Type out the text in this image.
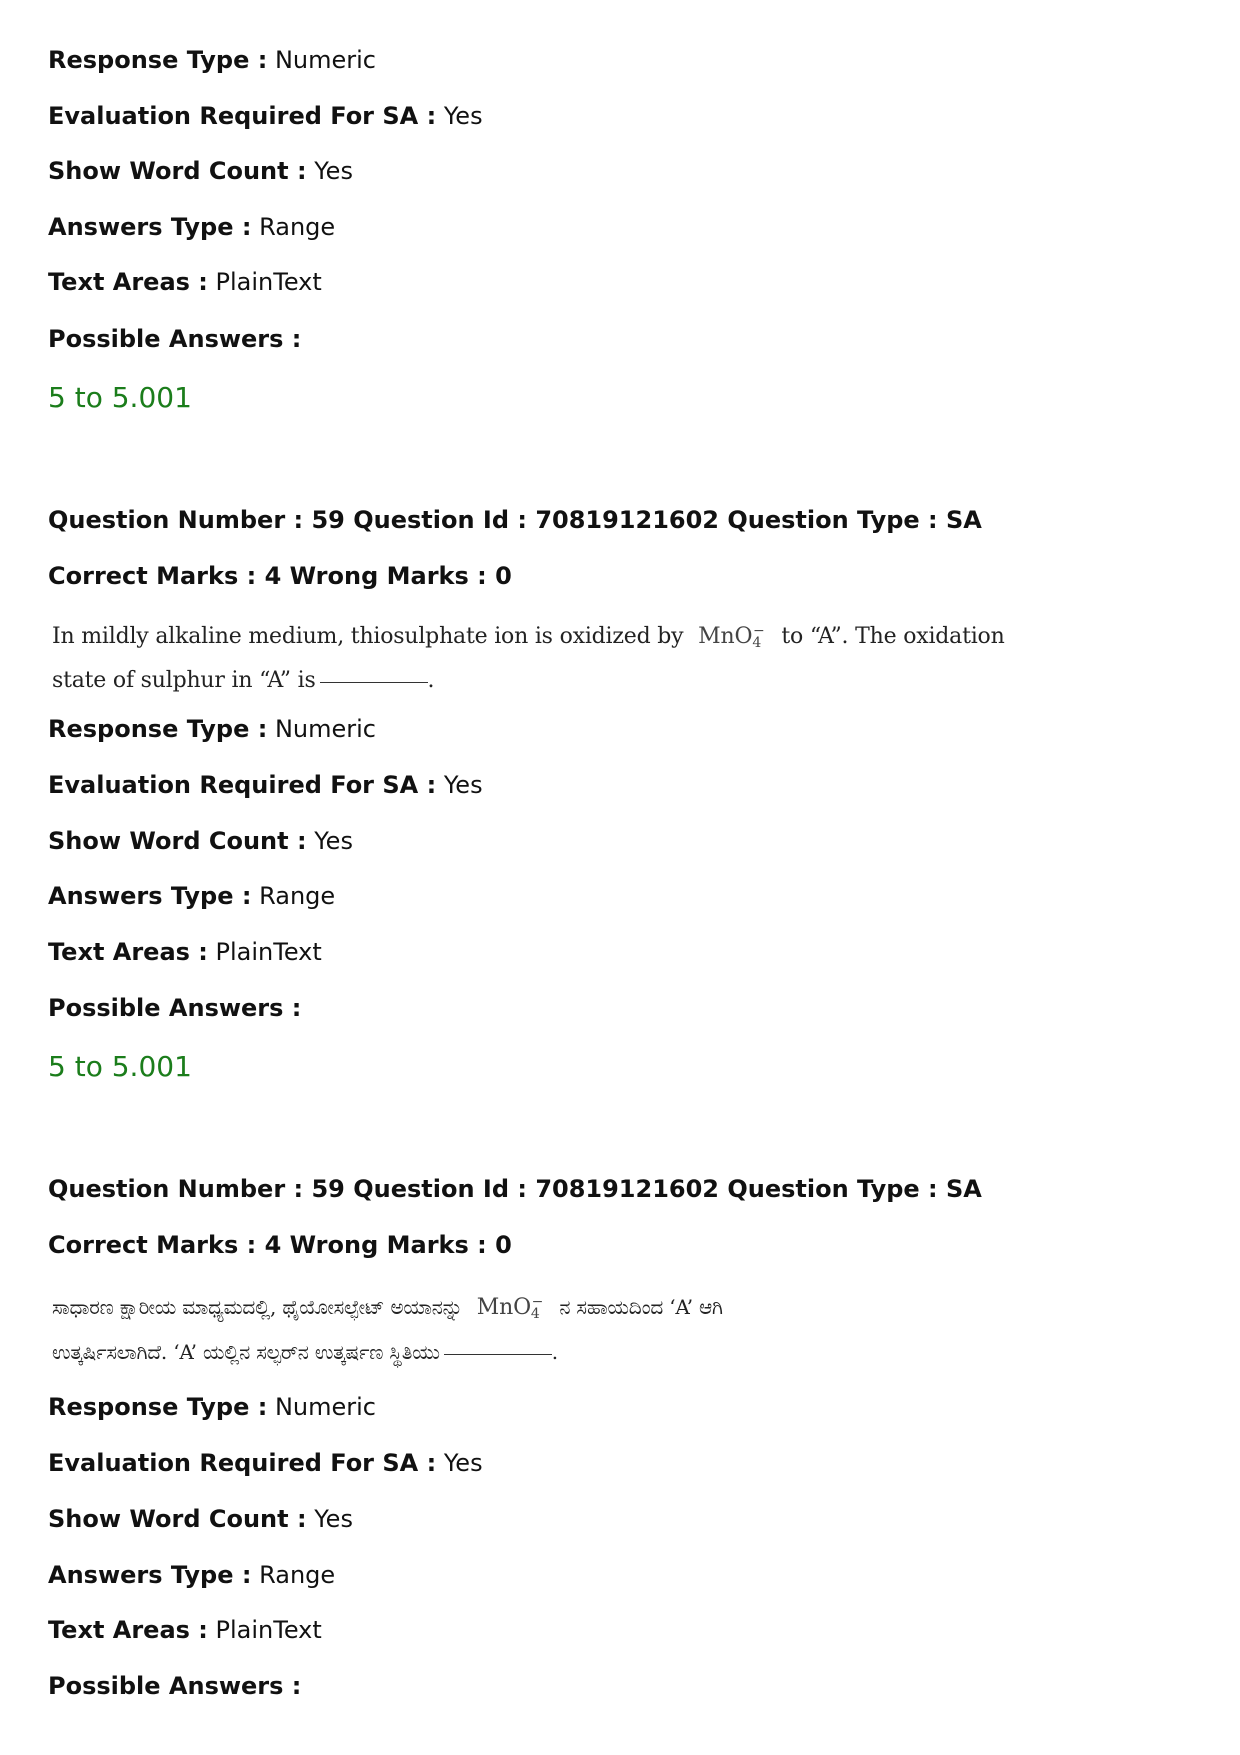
Response Type : Numeric
Evaluation Required For SA : Yes
Show Word Count : Yes
Answers Type : Range
Text Areas : PlainText
Possible Answers :
5 to 5.001
Question Number : 59 Question Id : 70819121602 Question Type : SA
Correct Marks : 4 Wrong Marks : 0
In mildly alkaline medium, thiosulphate ion is oxidized by MnO$_4$− to “A”. The oxidation
state of sulphur in “A” is	.
Response Type : Numeric
Evaluation Required For SA : Yes
Show Word Count : Yes
Answers Type : Range
Text Areas : PlainText
Possible Answers :
5 to 5.001
Question Number : 59 Question Id : 70819121602 Question Type : SA
Correct Marks : 4 Wrong Marks : 0
ಸಾಧಾರಣ ಕ್ಷಾರೀಯ ಮಾಧ್ಯಮದಲ್ಲಿ, ಥೈಯೋಸಲ್ಫೇಟ್ ಅಯಾನನ್ನು MnO$_4$− ನ ಸಹಾಯದಿಂದ ‘A’ ಆಗಿ
ಉತ್ಕರ್ಷಿಸಲಾಗಿದೆ. ‘A’ ಯಲ್ಲಿನ ಸಲ್ಫರ್‌ನ ಉತ್ಕರ್ಷಣ ಸ್ಥಿತಿಯು	.
Response Type : Numeric
Evaluation Required For SA : Yes
Show Word Count : Yes
Answers Type : Range
Text Areas : PlainText
Possible Answers :
